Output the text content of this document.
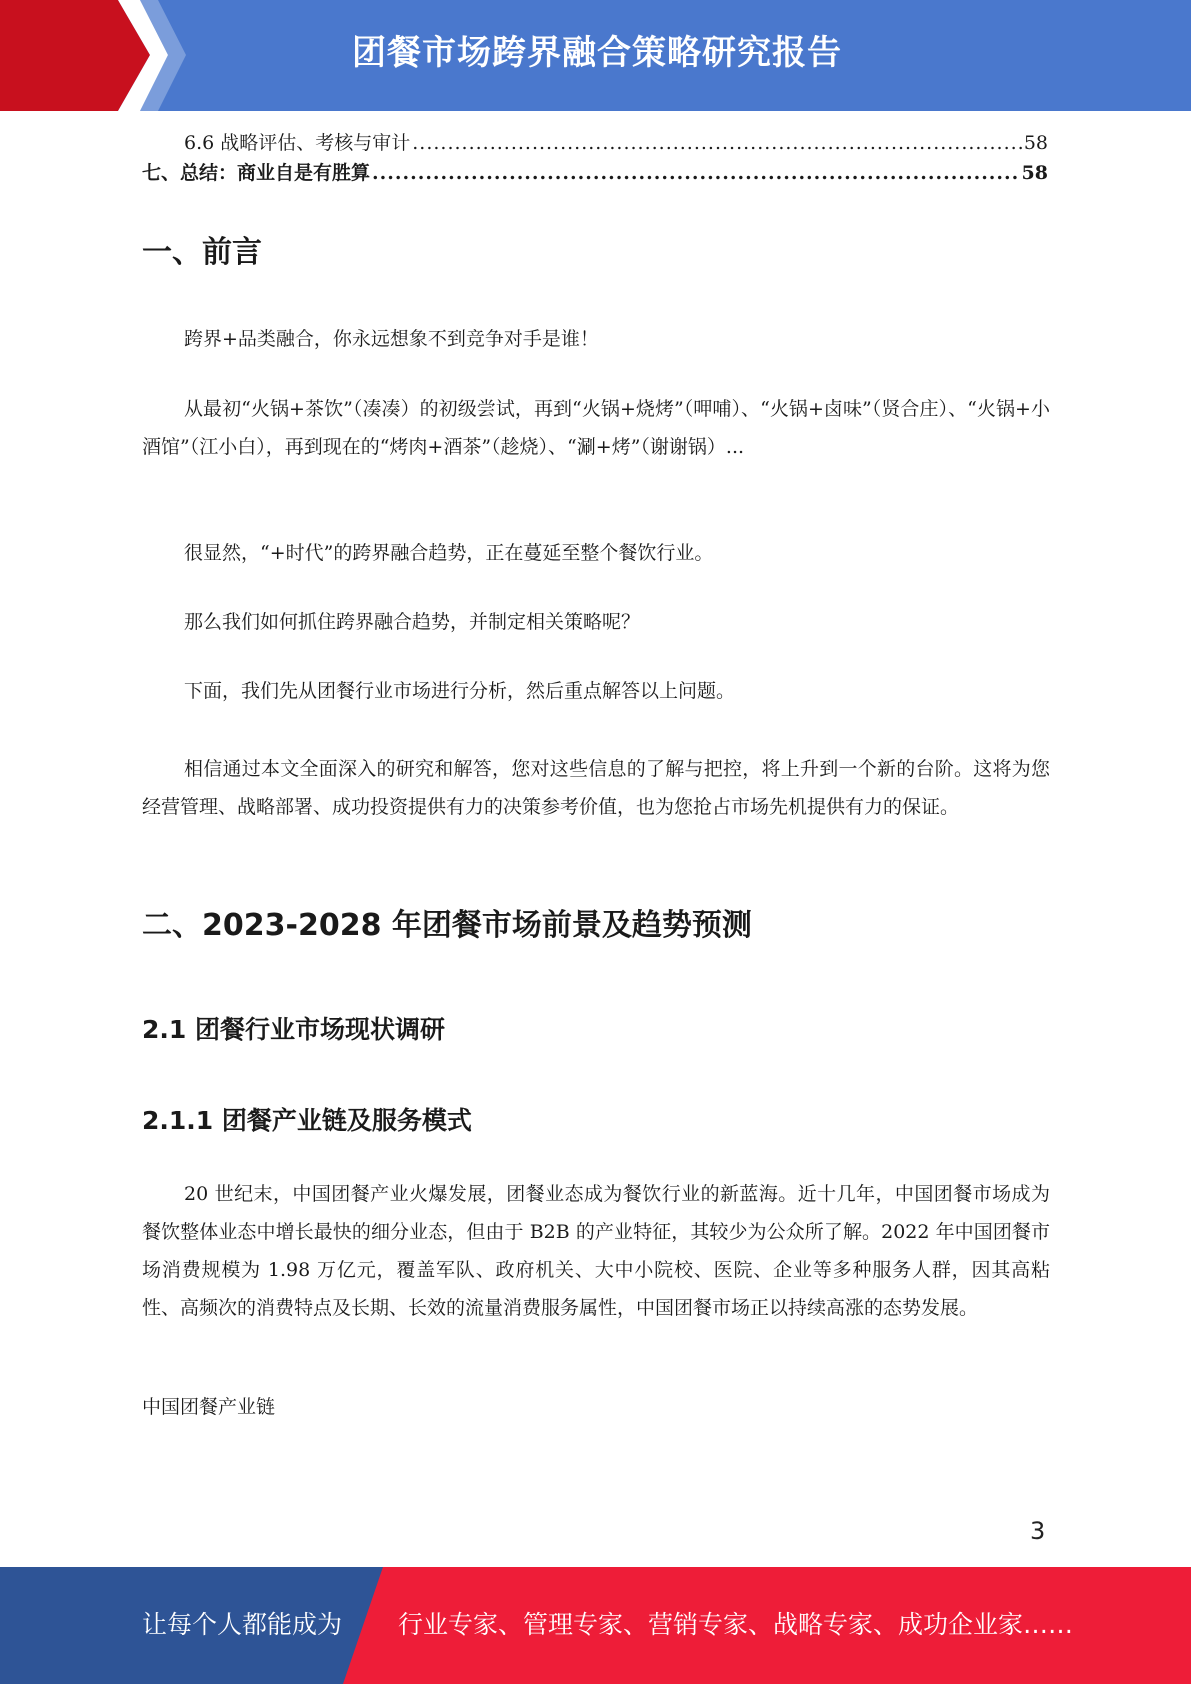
团餐市场跨界融合策略研究报告
6.6 战略评估、考核与审计 .....	58
七、总结：商业自是有胜算 .....	58
一、前言

跨界+品类融合，你永远想象不到竞争对手是谁！

从最初“火锅+茶饮”（凑凑）的初级尝试，再到“火锅+烧烤”（呷哺）、“火锅+卤味”（贤合庄）、“火锅+小酒馆”（江小白），再到现在的“烤肉+酒茶”（趁烧）、“涮+烤”（谢谢锅）...

很显然，“+时代”的跨界融合趋势，正在蔓延至整个餐饮行业。

那么我们如何抓住跨界融合趋势，并制定相关策略呢？

下面，我们先从团餐行业市场进行分析，然后重点解答以上问题。

相信通过本文全面深入的研究和解答，您对这些信息的了解与把控，将上升到一个新的台阶。这将为您经营管理、战略部署、成功投资提供有力的决策参考价值，也为您抢占市场先机提供有力的保证。

二、2023-2028 年团餐市场前景及趋势预测
2.1 团餐行业市场现状调研
2.1.1 团餐产业链及服务模式

20 世纪末，中国团餐产业火爆发展，团餐业态成为餐饮行业的新蓝海。近十几年，中国团餐市场成为餐饮整体业态中增长最快的细分业态，但由于 B2B 的产业特征，其较少为公众所了解。2022 年中国团餐市场消费规模为 1.98 万亿元，覆盖军队、政府机关、大中小院校、医院、企业等多种服务人群，因其高粘性、高频次的消费特点及长期、长效的流量消费服务属性，中国团餐市场正以持续高涨的态势发展。

中国团餐产业链

3
让每个人都能成为 行业专家、管理专家、营销专家、战略专家、成功企业家……
